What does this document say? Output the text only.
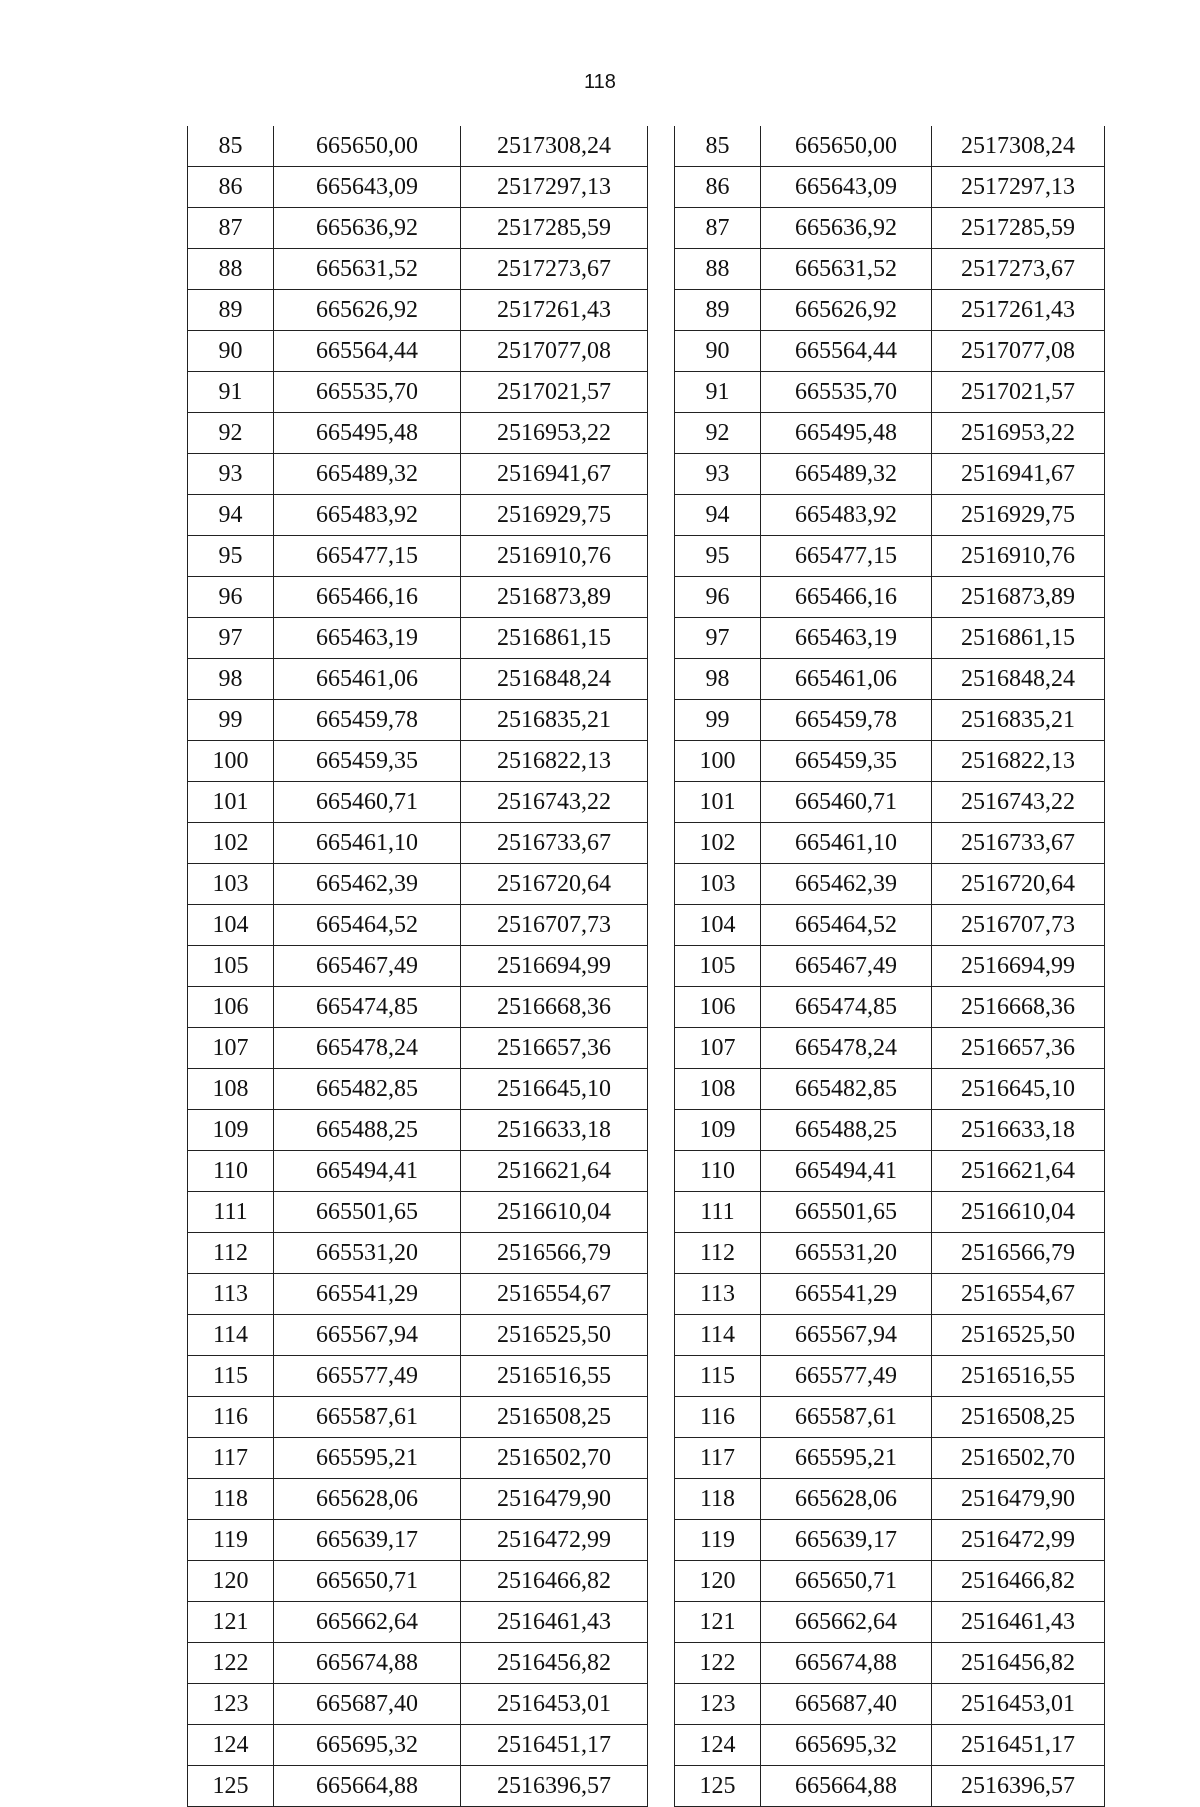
118
85	665650,00	2517308,24
86	665643,09	2517297,13
87	665636,92	2517285,59
88	665631,52	2517273,67
89	665626,92	2517261,43
90	665564,44	2517077,08
91	665535,70	2517021,57
92	665495,48	2516953,22
93	665489,32	2516941,67
94	665483,92	2516929,75
95	665477,15	2516910,76
96	665466,16	2516873,89
97	665463,19	2516861,15
98	665461,06	2516848,24
99	665459,78	2516835,21
100	665459,35	2516822,13
101	665460,71	2516743,22
102	665461,10	2516733,67
103	665462,39	2516720,64
104	665464,52	2516707,73
105	665467,49	2516694,99
106	665474,85	2516668,36
107	665478,24	2516657,36
108	665482,85	2516645,10
109	665488,25	2516633,18
110	665494,41	2516621,64
111	665501,65	2516610,04
112	665531,20	2516566,79
113	665541,29	2516554,67
114	665567,94	2516525,50
115	665577,49	2516516,55
116	665587,61	2516508,25
117	665595,21	2516502,70
118	665628,06	2516479,90
119	665639,17	2516472,99
120	665650,71	2516466,82
121	665662,64	2516461,43
122	665674,88	2516456,82
123	665687,40	2516453,01
124	665695,32	2516451,17
125	665664,88	2516396,57
85	665650,00	2517308,24
86	665643,09	2517297,13
87	665636,92	2517285,59
88	665631,52	2517273,67
89	665626,92	2517261,43
90	665564,44	2517077,08
91	665535,70	2517021,57
92	665495,48	2516953,22
93	665489,32	2516941,67
94	665483,92	2516929,75
95	665477,15	2516910,76
96	665466,16	2516873,89
97	665463,19	2516861,15
98	665461,06	2516848,24
99	665459,78	2516835,21
100	665459,35	2516822,13
101	665460,71	2516743,22
102	665461,10	2516733,67
103	665462,39	2516720,64
104	665464,52	2516707,73
105	665467,49	2516694,99
106	665474,85	2516668,36
107	665478,24	2516657,36
108	665482,85	2516645,10
109	665488,25	2516633,18
110	665494,41	2516621,64
111	665501,65	2516610,04
112	665531,20	2516566,79
113	665541,29	2516554,67
114	665567,94	2516525,50
115	665577,49	2516516,55
116	665587,61	2516508,25
117	665595,21	2516502,70
118	665628,06	2516479,90
119	665639,17	2516472,99
120	665650,71	2516466,82
121	665662,64	2516461,43
122	665674,88	2516456,82
123	665687,40	2516453,01
124	665695,32	2516451,17
125	665664,88	2516396,57
